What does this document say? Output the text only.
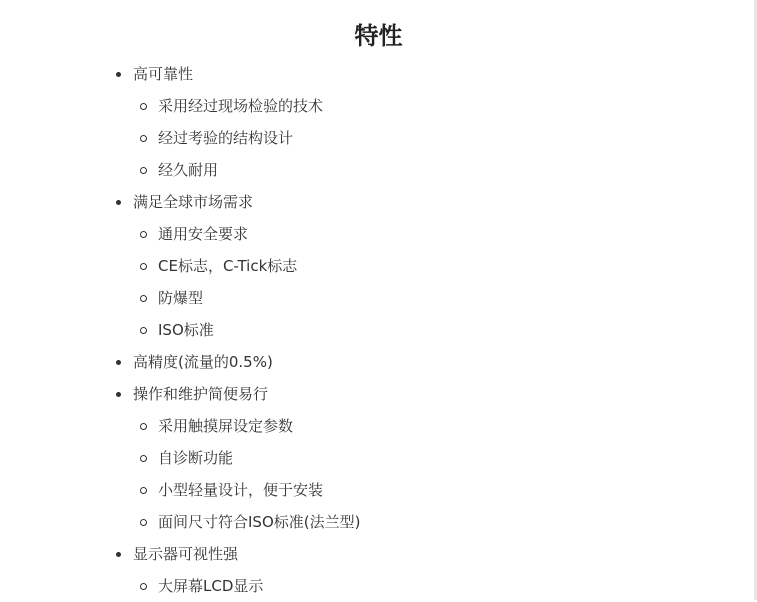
特性
高可靠性
采用经过现场检验的技术
经过考验的结构设计
经久耐用
满足全球市场需求
通用安全要求
CE标志，C-Tick标志
防爆型
ISO标准
高精度(流量的0.5%)
操作和维护简便易行
采用触摸屏设定参数
自诊断功能
小型轻量设计，便于安装
面间尺寸符合ISO标准(法兰型)
显示器可视性强
大屏幕LCD显示
